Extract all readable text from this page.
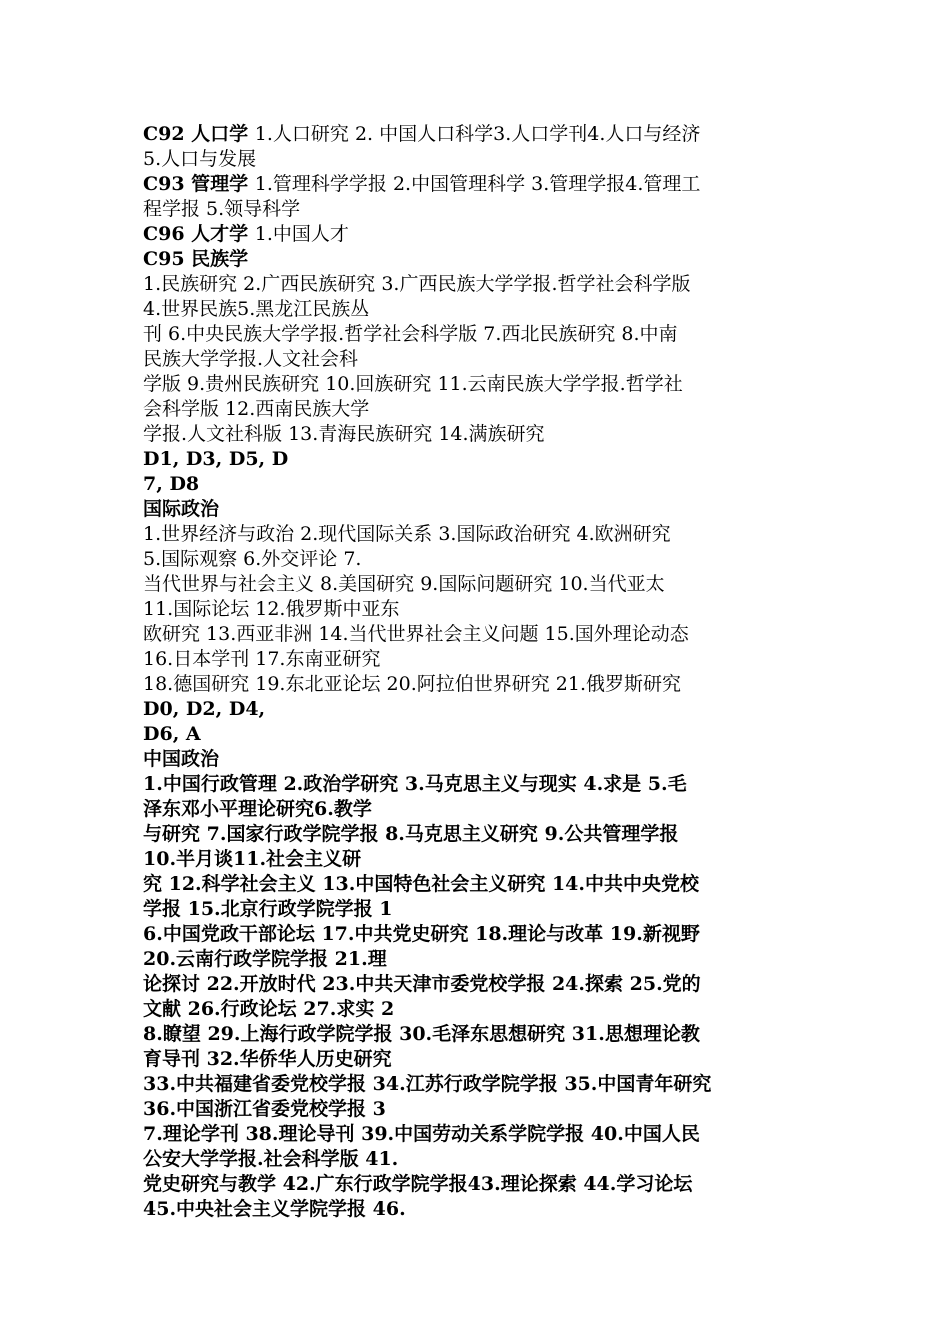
C92 人口学 1.人口研究 2. 中国人口科学3.人口学刊4.人口与经济
5.人口与发展
C93 管理学 1.管理科学学报 2.中国管理科学 3.管理学报4.管理工
程学报 5.领导科学
C96 人才学 1.中国人才
C95 民族学
1.民族研究 2.广西民族研究 3.广西民族大学学报.哲学社会科学版
4.世界民族5.黑龙江民族丛
刊 6.中央民族大学学报.哲学社会科学版 7.西北民族研究 8.中南
民族大学学报.人文社会科
学版 9.贵州民族研究 10.回族研究 11.云南民族大学学报.哲学社
会科学版 12.西南民族大学
学报.人文社科版 13.青海民族研究 14.满族研究
D1, D3, D5, D
7, D8
国际政治
1.世界经济与政治 2.现代国际关系 3.国际政治研究 4.欧洲研究
5.国际观察 6.外交评论 7.
当代世界与社会主义 8.美国研究 9.国际问题研究 10.当代亚太
11.国际论坛 12.俄罗斯中亚东
欧研究 13.西亚非洲 14.当代世界社会主义问题 15.国外理论动态
16.日本学刊 17.东南亚研究
18.德国研究 19.东北亚论坛 20.阿拉伯世界研究 21.俄罗斯研究
D0, D2, D4,
D6, A
中国政治
1.中国行政管理 2.政治学研究 3.马克思主义与现实 4.求是 5.毛
泽东邓小平理论研究6.教学
与研究 7.国家行政学院学报 8.马克思主义研究 9.公共管理学报
10.半月谈11.社会主义研
究 12.科学社会主义 13.中国特色社会主义研究 14.中共中央党校
学报 15.北京行政学院学报 1
6.中国党政干部论坛 17.中共党史研究 18.理论与改革 19.新视野
20.云南行政学院学报 21.理
论探讨 22.开放时代 23.中共天津市委党校学报 24.探索 25.党的
文献 26.行政论坛 27.求实 2
8.瞭望 29.上海行政学院学报 30.毛泽东思想研究 31.思想理论教
育导刊 32.华侨华人历史研究
33.中共福建省委党校学报 34.江苏行政学院学报 35.中国青年研究
36.中国浙江省委党校学报 3
7.理论学刊 38.理论导刊 39.中国劳动关系学院学报 40.中国人民
公安大学学报.社会科学版 41.
党史研究与教学 42.广东行政学院学报43.理论探索 44.学习论坛
45.中央社会主义学院学报 46.
